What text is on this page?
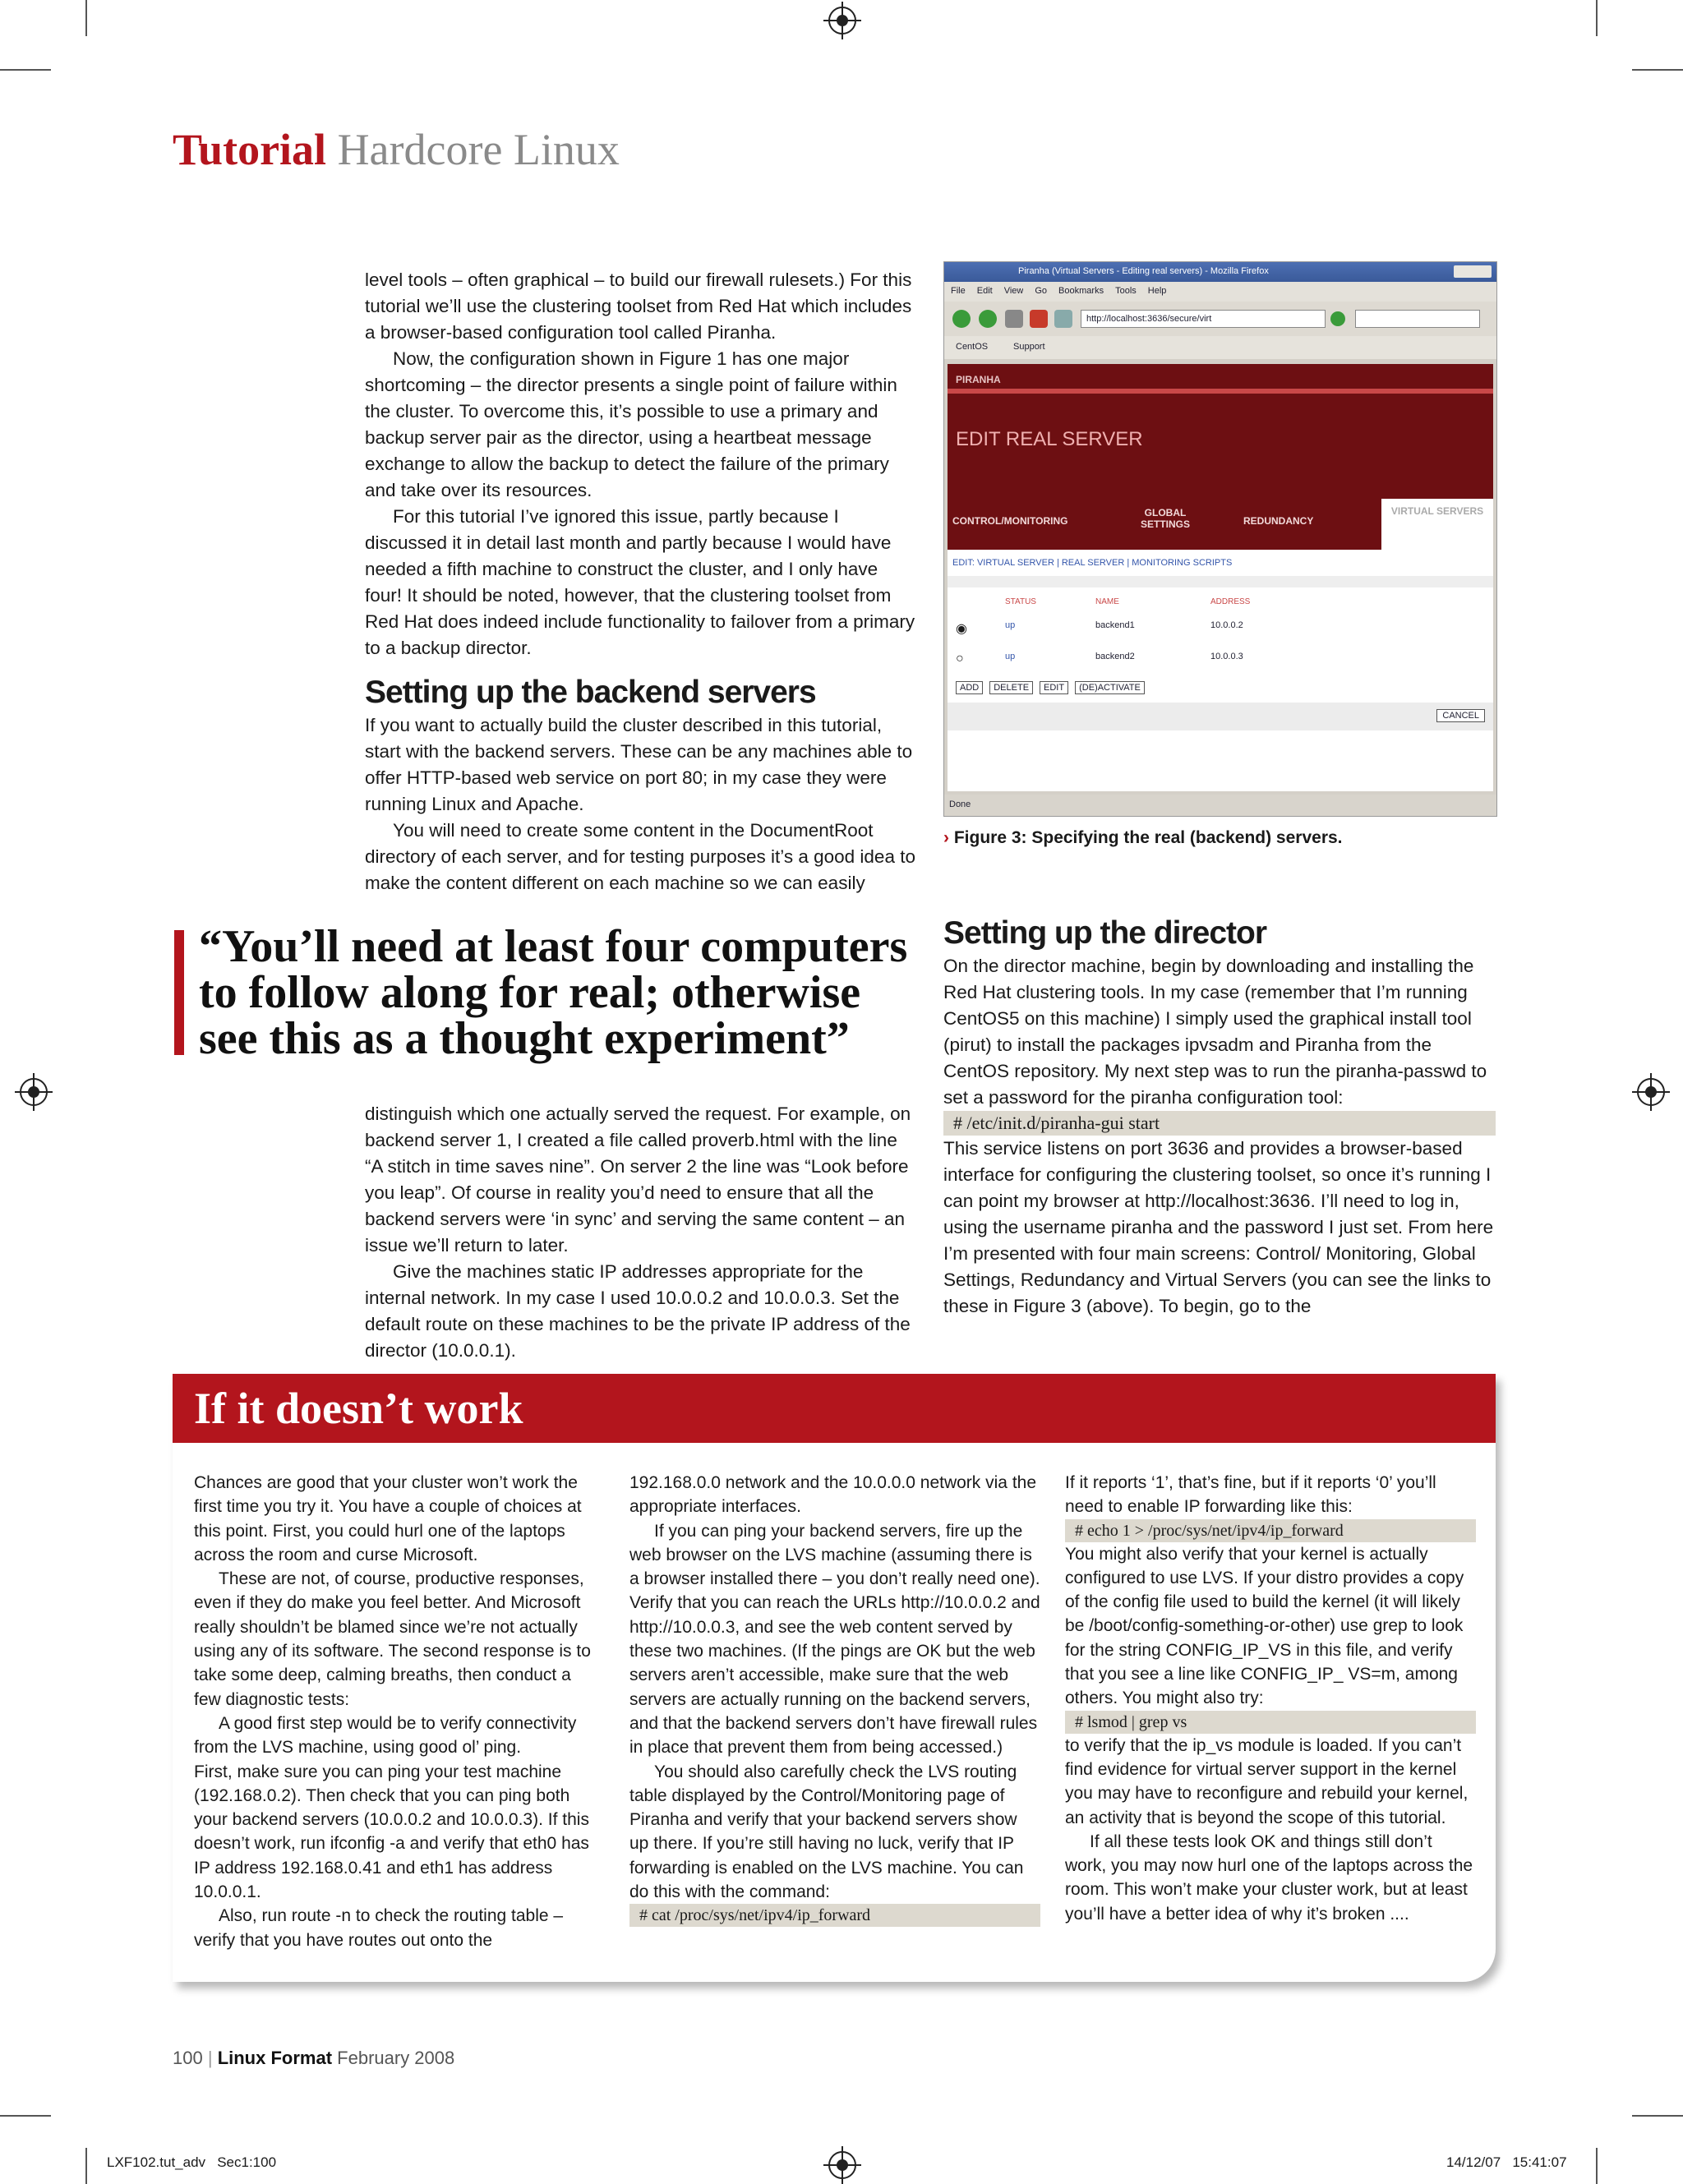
Tutorial Hardcore Linux

level tools – often graphical – to build our firewall rulesets.) For this tutorial we’ll use the clustering toolset from Red Hat which includes a browser-based configuration tool called Piranha.

Now, the configuration shown in Figure 1 has one major shortcoming – the director presents a single point of failure within the cluster. To overcome this, it’s possible to use a primary and backup server pair as the director, using a heartbeat message exchange to allow the backup to detect the failure of the primary and take over its resources.

For this tutorial I’ve ignored this issue, partly because I discussed it in detail last month and partly because I would have needed a fifth machine to construct the cluster, and I only have four! It should be noted, however, that the clustering toolset from Red Hat does indeed include functionality to failover from a primary to a backup director.

Setting up the backend servers

If you want to actually build the cluster described in this tutorial, start with the backend servers. These can be any machines able to offer HTTP-based web service on port 80; in my case they were running Linux and Apache.

You will need to create some content in the DocumentRoot directory of each server, and for testing purposes it’s a good idea to make the content different on each machine so we can easily

“You’ll need at least four computers to follow along for real; otherwise see this as a thought experiment”

distinguish which one actually served the request. For example, on backend server 1, I created a file called proverb.html with the line “A stitch in time saves nine”. On server 2 the line was “Look before you leap”. Of course in reality you’d need to ensure that all the backend servers were ‘in sync’ and serving the same content – an issue we’ll return to later.

Give the machines static IP addresses appropriate for the internal network. In my case I used 10.0.0.2 and 10.0.0.3. Set the default route on these machines to be the private IP address of the director (10.0.0.1).

Piranha (Virtual Servers - Editing real servers) - Mozilla Firefox
File Edit View Go Bookmarks Tools Help
http://localhost:3636/secure/virt
CentOS	Support
PIRANHA
EDIT REAL SERVER
CONTROL/MONITORING
GLOBAL SETTINGS	REDUNDANCY
VIRTUAL SERVERS
EDIT: VIRTUAL SERVER | REAL SERVER | MONITORING SCRIPTS
STATUS	NAME	ADDRESS
◉	up	backend1	10.0.0.2
○	up	backend2	10.0.0.3
ADD	DELETE	EDIT	(DE)ACTIVATE
CANCEL
Done
› Figure 3: Specifying the real (backend) servers.
Setting up the director

On the director machine, begin by downloading and installing the Red Hat clustering tools. In my case (remember that I’m running CentOS5 on this machine) I simply used the graphical install tool (pirut) to install the packages ipvsadm and Piranha from the CentOS repository. My next step was to run the piranha-passwd to set a password for the piranha configuration tool:

# /etc/init.d/piranha-gui start

This service listens on port 3636 and provides a browser-based interface for configuring the clustering toolset, so once it’s running I can point my browser at http://localhost:3636. I’ll need to log in, using the username piranha and the password I just set. From here I’m presented with four main screens: Control/ Monitoring, Global Settings, Redundancy and Virtual Servers (you can see the links to these in Figure 3 (above). To begin, go to the

If it doesn’t work

Chances are good that your cluster won’t work the first time you try it. You have a couple of choices at this point. First, you could hurl one of the laptops across the room and curse Microsoft.

These are not, of course, productive responses, even if they do make you feel better. And Microsoft really shouldn’t be blamed since we’re not actually using any of its software. The second response is to take some deep, calming breaths, then conduct a few diagnostic tests:

A good first step would be to verify connectivity from the LVS machine, using good ol’ ping.

First, make sure you can ping your test machine (192.168.0.2). Then check that you can ping both your backend servers (10.0.0.2 and 10.0.0.3). If this doesn’t work, run ifconfig -a and verify that eth0 has IP address 192.168.0.41 and eth1 has address 10.0.0.1.

Also, run route -n to check the routing table – verify that you have routes out onto the

192.168.0.0 network and the 10.0.0.0 network via the appropriate interfaces.

If you can ping your backend servers, fire up the web browser on the LVS machine (assuming there is a browser installed there – you don’t really need one). Verify that you can reach the URLs http://10.0.0.2 and http://10.0.0.3, and see the web content served by these two machines. (If the pings are OK but the web servers aren’t accessible, make sure that the web servers are actually running on the backend servers, and that the backend servers don’t have firewall rules in place that prevent them from being accessed.)

You should also carefully check the LVS routing table displayed by the Control/Monitoring page of Piranha and verify that your backend servers show up there. If you’re still having no luck, verify that IP forwarding is enabled on the LVS machine. You can do this with the command:

# cat /proc/sys/net/ipv4/ip_forward

If it reports ‘1’, that’s fine, but if it reports ‘0’ you’ll need to enable IP forwarding like this:

# echo 1 > /proc/sys/net/ipv4/ip_forward

You might also verify that your kernel is actually configured to use LVS. If your distro provides a copy of the config file used to build the kernel (it will likely be /boot/config-something-or-other) use grep to look for the string CONFIG_IP_VS in this file, and verify that you see a line like CONFIG_IP_ VS=m, among others. You might also try:

# lsmod | grep vs

to verify that the ip_vs module is loaded. If you can’t find evidence for virtual server support in the kernel you may have to reconfigure and rebuild your kernel, an activity that is beyond the scope of this tutorial.

If all these tests look OK and things still don’t work, you may now hurl one of the laptops across the room. This won’t make your cluster work, but at least you’ll have a better idea of why it’s broken ....

100 | Linux Format February 2008
LXF102.tut_adv   Sec1:100	14/12/07   15:41:07
